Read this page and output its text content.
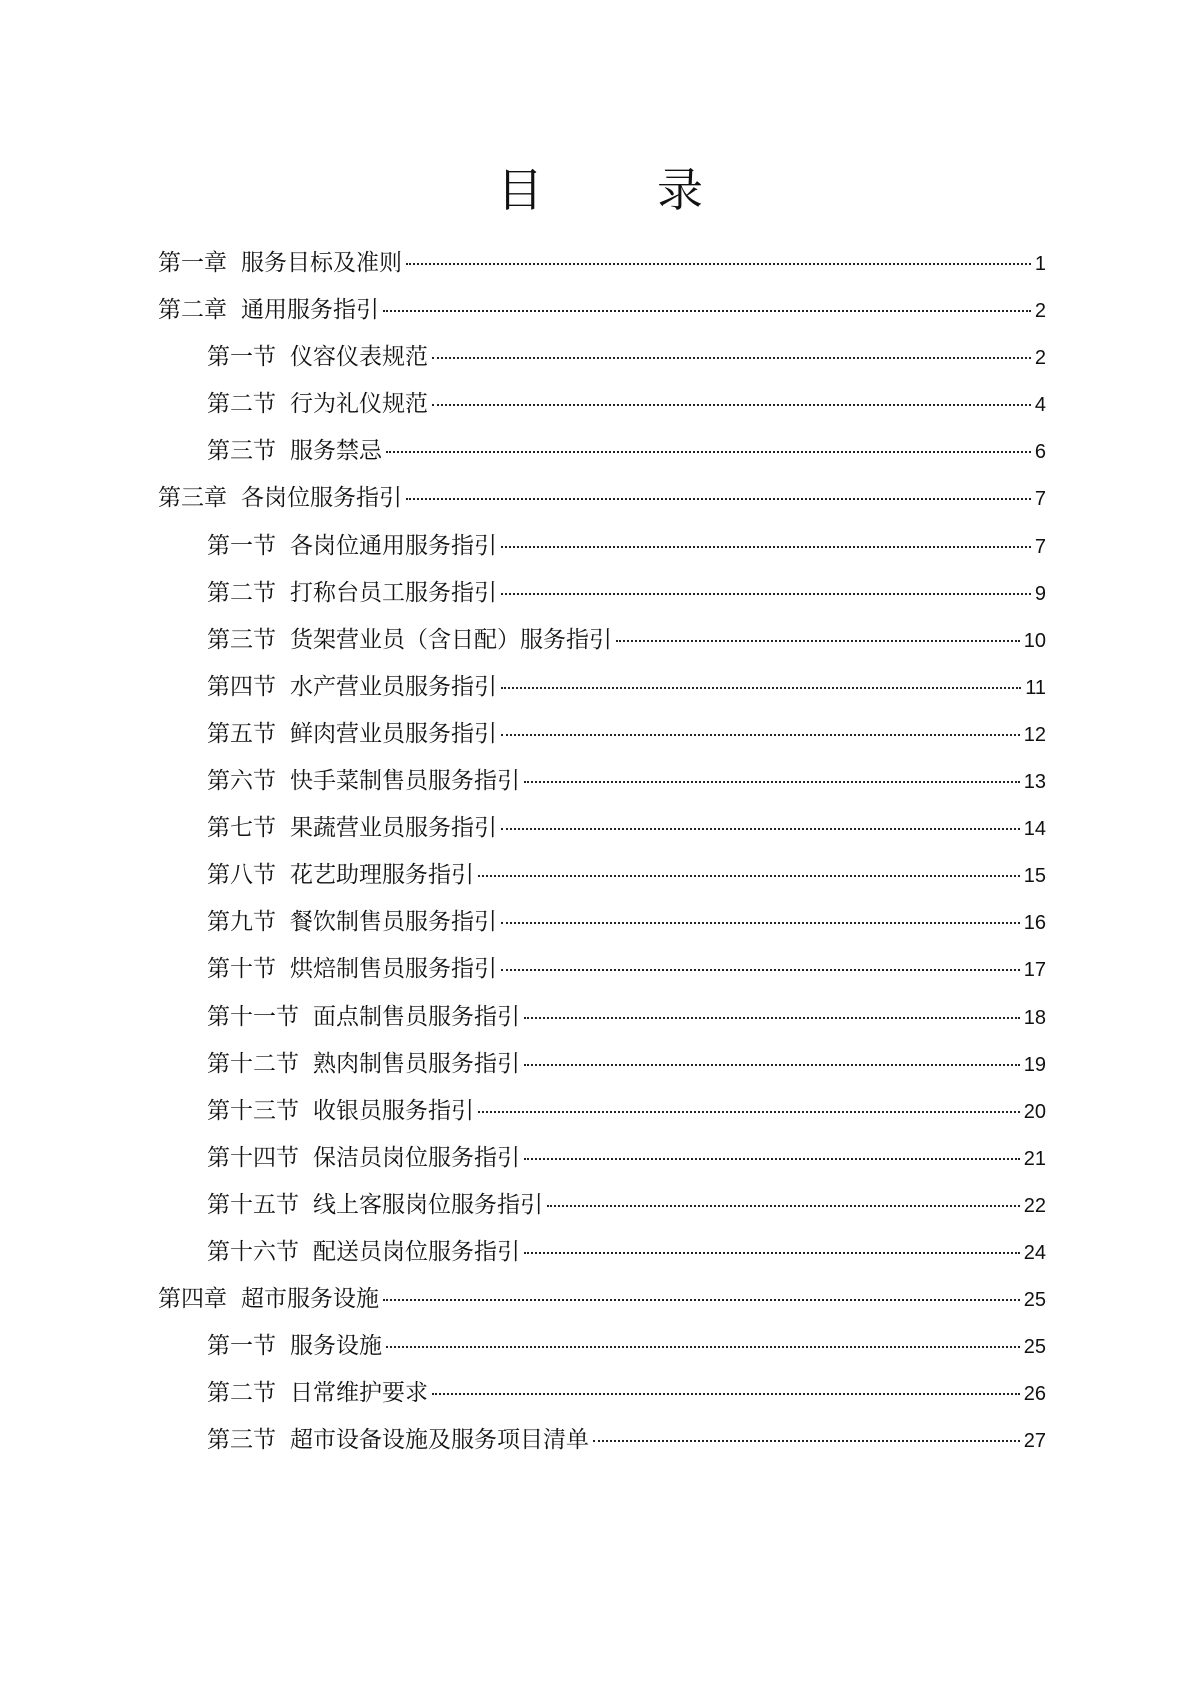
目　录
第一章 服务目标及准则	1
第二章 通用服务指引	2
第一节 仪容仪表规范	2
第二节 行为礼仪规范	4
第三节 服务禁忌	6
第三章 各岗位服务指引	7
第一节 各岗位通用服务指引	7
第二节 打称台员工服务指引	9
第三节 货架营业员（含日配）服务指引	10
第四节 水产营业员服务指引	11
第五节 鲜肉营业员服务指引	12
第六节 快手菜制售员服务指引	13
第七节 果蔬营业员服务指引	14
第八节 花艺助理服务指引	15
第九节 餐饮制售员服务指引	16
第十节 烘焙制售员服务指引	17
第十一节 面点制售员服务指引	18
第十二节 熟肉制售员服务指引	19
第十三节 收银员服务指引	20
第十四节 保洁员岗位服务指引	21
第十五节 线上客服岗位服务指引	22
第十六节 配送员岗位服务指引	24
第四章 超市服务设施	25
第一节 服务设施	25
第二节 日常维护要求	26
第三节 超市设备设施及服务项目清单	27
